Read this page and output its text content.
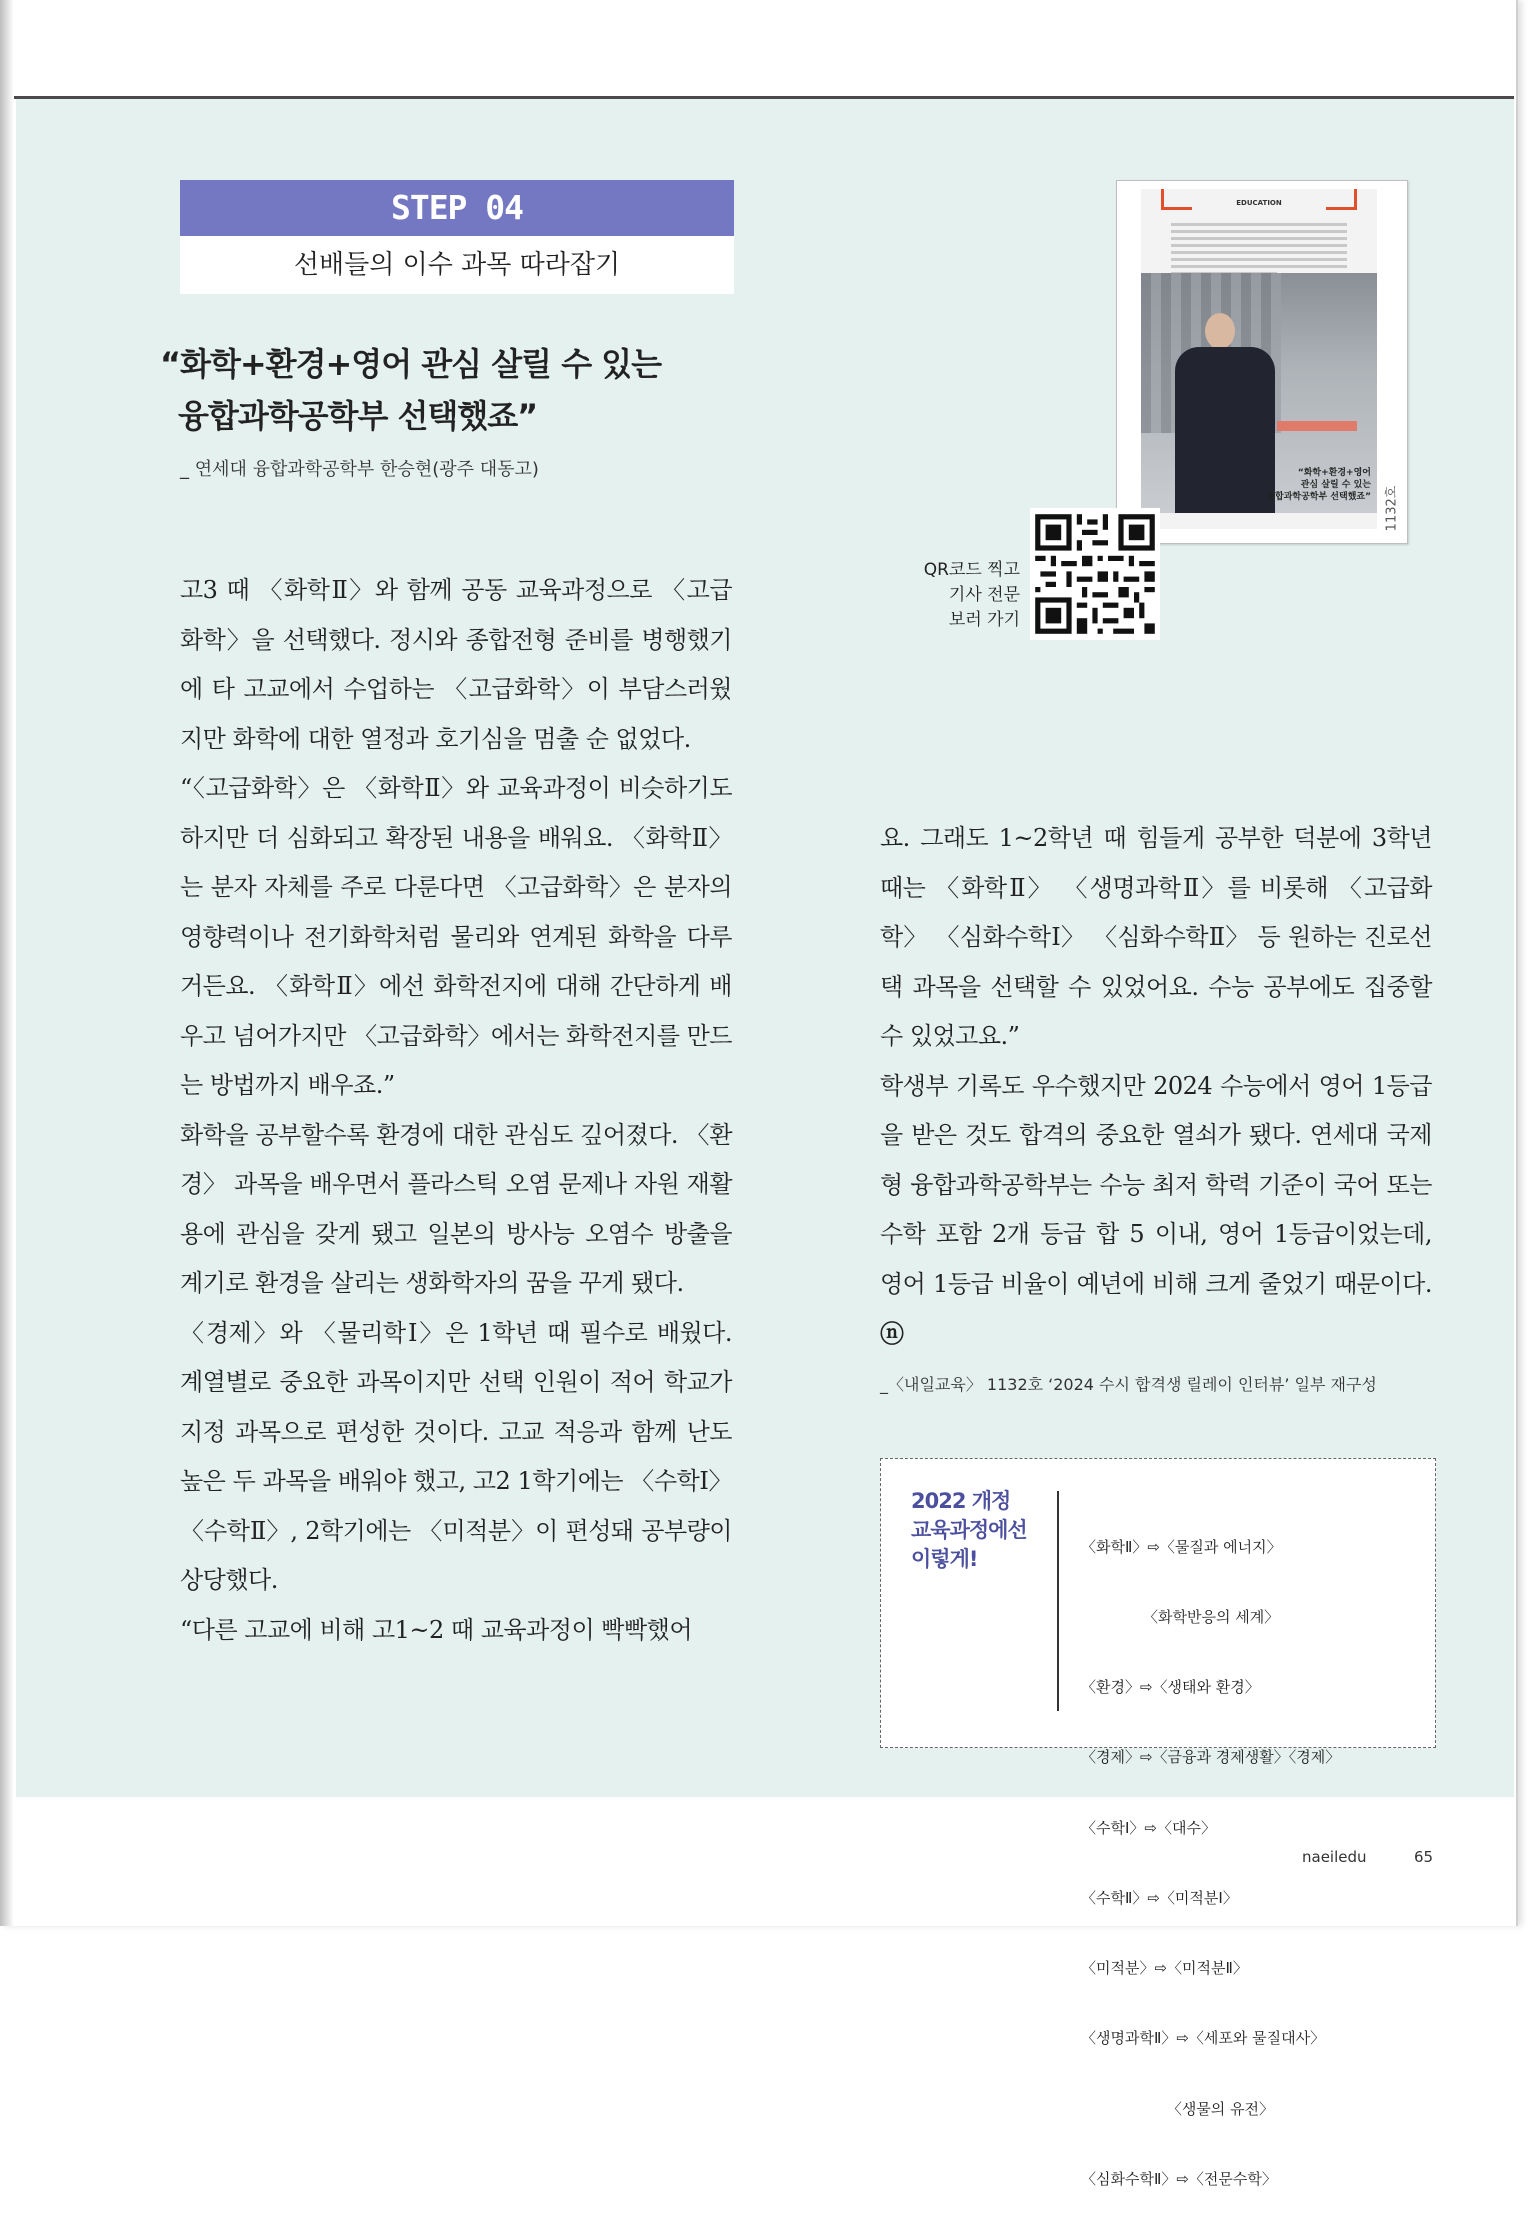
STEP 04
선배들의 이수 과목 따라잡기
“화학+환경+영어 관심 살릴 수 있는
융합과학공학부 선택했죠”
_ 연세대 융합과학공학부 한승현(광주 대동고)
EDUCATION
“화학+환경+영어
관심 살릴 수 있는
융합과학공학부 선택했죠”	1132호
QR코드 찍고
기사 전문
보러 가기

고3 때 〈화학Ⅱ〉와 함께 공동 교육과정으로 〈고급화학〉을 선택했다. 정시와 종합전형 준비를 병행했기에 타 고교에서 수업하는 〈고급화학〉이 부담스러웠지만 화학에 대한 열정과 호기심을 멈출 순 없었다.

“〈고급화학〉은 〈화학Ⅱ〉와 교육과정이 비슷하기도 하지만 더 심화되고 확장된 내용을 배워요. 〈화학Ⅱ〉는 분자 자체를 주로 다룬다면 〈고급화학〉은 분자의 영향력이나 전기화학처럼 물리와 연계된 화학을 다루거든요. 〈화학Ⅱ〉에선 화학전지에 대해 간단하게 배우고 넘어가지만 〈고급화학〉에서는 화학전지를 만드는 방법까지 배우죠.”

화학을 공부할수록 환경에 대한 관심도 깊어졌다. 〈환경〉 과목을 배우면서 플라스틱 오염 문제나 자원 재활용에 관심을 갖게 됐고 일본의 방사능 오염수 방출을 계기로 환경을 살리는 생화학자의 꿈을 꾸게 됐다.

〈경제〉와 〈물리학Ⅰ〉은 1학년 때 필수로 배웠다. 계열별로 중요한 과목이지만 선택 인원이 적어 학교가 지정 과목으로 편성한 것이다. 고교 적응과 함께 난도 높은 두 과목을 배워야 했고, 고2 1학기에는 〈수학Ⅰ〉 〈수학Ⅱ〉, 2학기에는 〈미적분〉이 편성돼 공부량이 상당했다.

“다른 고교에 비해 고1~2 때 교육과정이 빡빡했어

요. 그래도 1~2학년 때 힘들게 공부한 덕분에 3학년 때는 〈화학Ⅱ〉 〈생명과학Ⅱ〉를 비롯해 〈고급화학〉 〈심화수학Ⅰ〉 〈심화수학Ⅱ〉 등 원하는 진로선택 과목을 선택할 수 있었어요. 수능 공부에도 집중할 수 있었고요.”

학생부 기록도 우수했지만 2024 수능에서 영어 1등급을 받은 것도 합격의 중요한 열쇠가 됐다. 연세대 국제형 융합과학공학부는 수능 최저 학력 기준이 국어 또는 수학 포함 2개 등급 합 5 이내, 영어 1등급이었는데, 영어 1등급 비율이 예년에 비해 크게 줄었기 때문이다. ⓝ

_〈내일교육〉 1132호 ‘2024 수시 합격생 릴레이 인터뷰’ 일부 재구성
2022 개정
교육과정에선
이렇게!

〈화학Ⅱ〉⇨〈물질과 에너지〉

〈화학반응의 세계〉

〈환경〉⇨〈생태와 환경〉

〈경제〉⇨〈금융과 경제생활〉〈경제〉

〈수학Ⅰ〉⇨〈대수〉

〈수학Ⅱ〉⇨〈미적분Ⅰ〉

〈미적분〉⇨〈미적분Ⅱ〉

〈생명과학Ⅱ〉⇨〈세포와 물질대사〉

〈생물의 유전〉

〈심화수학Ⅱ〉⇨〈전문수학〉

naeiledu	65
